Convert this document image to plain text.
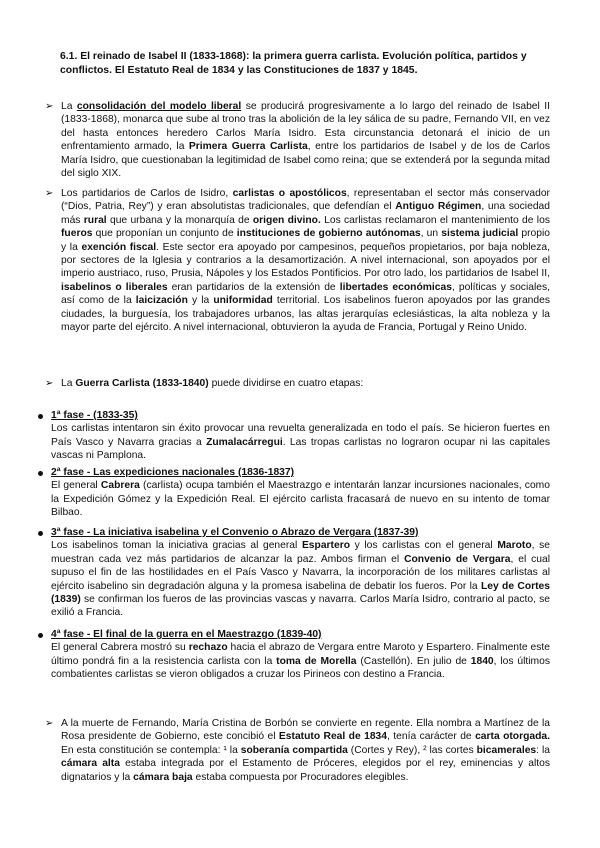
6.1. El reinado de Isabel II (1833-1868): la primera guerra carlista. Evolución política, partidos y conflictos. El Estatuto Real de 1834 y las Constituciones de 1837 y 1845.
➢ La consolidación del modelo liberal se producirá progresivamente a lo largo del reinado de Isabel II (1833-1868), monarca que sube al trono tras la abolición de la ley sálica de su padre, Fernando VII, en vez del hasta entonces heredero Carlos María Isidro. Esta circunstancia detonará el inicio de un enfrentamiento armado, la Primera Guerra Carlista, entre los partidarios de Isabel y de los de Carlos María Isidro, que cuestionaban la legitimidad de Isabel como reina; que se extenderá por la segunda mitad del siglo XIX.
➢ Los partidarios de Carlos de Isidro, carlistas o apostólicos, representaban el sector más conservador (“Dios, Patria, Rey”) y eran absolutistas tradicionales, que defendían el Antiguo Régimen, una sociedad más rural que urbana y la monarquía de origen divino. Los carlistas reclamaron el mantenimiento de los fueros que proponían un conjunto de instituciones de gobierno autónomas, un sistema judicial propio y la exención fiscal. Este sector era apoyado por campesinos, pequeños propietarios, por baja nobleza, por sectores de la Iglesia y contrarios a la desamortización. A nivel internacional, son apoyados por el imperio austriaco, ruso, Prusia, Nápoles y los Estados Pontificios. Por otro lado, los partidarios de Isabel II, isabelinos o liberales eran partidarios de la extensión de libertades económicas, políticas y sociales, así como de la laicización y la uniformidad territorial. Los isabelinos fueron apoyados por las grandes ciudades, la burguesía, los trabajadores urbanos, las altas jerarquías eclesiásticas, la alta nobleza y la mayor parte del ejército. A nivel internacional, obtuvieron la ayuda de Francia, Portugal y Reino Unido.
➢ La Guerra Carlista (1833-1840) puede dividirse en cuatro etapas:
1ª fase - (1833-35)
Los carlistas intentaron sin éxito provocar una revuelta generalizada en todo el país. Se hicieron fuertes en País Vasco y Navarra gracias a Zumalacárregui. Las tropas carlistas no lograron ocupar ni las capitales vascas ni Pamplona.
2ª fase - Las expediciones nacionales (1836-1837)
El general Cabrera (carlista) ocupa también el Maestrazgo e intentarán lanzar incursiones nacionales, como la Expedición Gómez y la Expedición Real. El ejército carlista fracasará de nuevo en su intento de tomar Bilbao.
3ª fase - La iniciativa isabelina y el Convenio o Abrazo de Vergara (1837-39)
Los isabelinos toman la iniciativa gracias al general Espartero y los carlistas con el general Maroto, se muestran cada vez más partidarios de alcanzar la paz. Ambos firman el Convenio de Vergara, el cual supuso el fin de las hostilidades en el País Vasco y Navarra, la incorporación de los militares carlistas al ejército isabelino sin degradación alguna y la promesa isabelina de debatir los fueros. Por la Ley de Cortes (1839) se confirman los fueros de las provincias vascas y navarra. Carlos María Isidro, contrario al pacto, se exilió a Francia.
4ª fase - El final de la guerra en el Maestrazgo (1839-40)
El general Cabrera mostró su rechazo hacia el abrazo de Vergara entre Maroto y Espartero. Finalmente este último pondrá fin a la resistencia carlista con la toma de Morella (Castellón). En julio de 1840, los últimos combatientes carlistas se vieron obligados a cruzar los Pirineos con destino a Francia.
➢ A la muerte de Fernando, María Cristina de Borbón se convierte en regente. Ella nombra a Martínez de la Rosa presidente de Gobierno, este concibió el Estatuto Real de 1834, tenía carácter de carta otorgada. En esta constitución se contempla: ¹ la soberanía compartida (Cortes y Rey), ² las cortes bicamerales: la cámara alta estaba integrada por el Estamento de Próceres, elegidos por el rey, eminencias y altos dignatarios y la cámara baja estaba compuesta por Procuradores elegibles.
